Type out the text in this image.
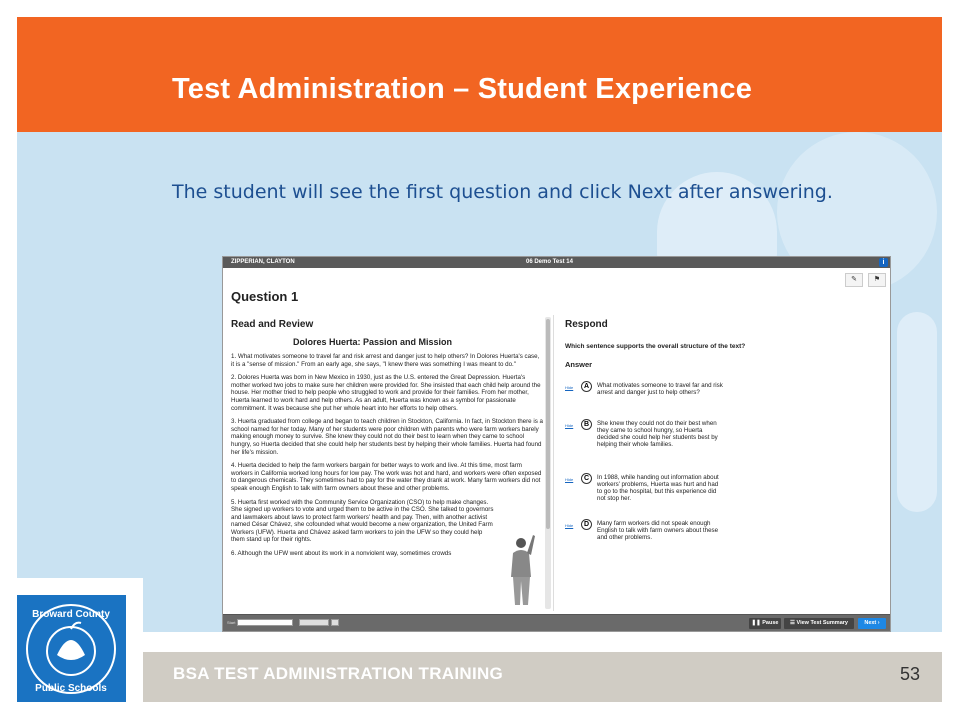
Test Administration – Student Experience
The student will see the first question and click Next after answering.
ZIPPERIAN, CLAYTON	06 Demo Test 14	i
✎	⚑
Question 1
Read and Review
Dolores Huerta: Passion and Mission

1. What motivates someone to travel far and risk arrest and danger just to help others? In Dolores Huerta's case, it is a "sense of mission." From an early age, she says, "I knew there was something I was meant to do."

2. Dolores Huerta was born in New Mexico in 1930, just as the U.S. entered the Great Depression. Huerta's mother worked two jobs to make sure her children were provided for. She insisted that each child help around the house. Her mother tried to help people who struggled to work and provide for their families. From her mother, Huerta learned to work hard and help others. As an adult, Huerta was known as a symbol for passionate commitment. It was because she put her whole heart into her efforts to help others.

3. Huerta graduated from college and began to teach children in Stockton, California. In fact, in Stockton there is a school named for her today. Many of her students were poor children with parents who were farm workers barely making enough money to survive. She knew they could not do their best to learn when they came to school hungry, so Huerta decided that she could help her students best by helping their whole families. Huerta had found her life's mission.

4. Huerta decided to help the farm workers bargain for better ways to work and live. At this time, most farm workers in California worked long hours for low pay. The work was hot and hard, and workers were often exposed to dangerous chemicals. They sometimes had to pay for the water they drank at work. Many farm workers did not speak enough English to talk with farm owners about these and other problems.

5. Huerta first worked with the Community Service Organization (CSO) to help make changes. She signed up workers to vote and urged them to be active in the CSO. She talked to governors and lawmakers about laws to protect farm workers' health and pay. Then, with another activist named César Chávez, she cofounded what would become a new organization, the United Farm Workers (UFW). Huerta and Chávez asked farm workers to join the UFW so they could help them stand up for their rights.

6. Although the UFW went about its work in a nonviolent way, sometimes crowds

Respond
Which sentence supports the overall structure of the text?
Answer
Hide	A	What motivates someone to travel far and risk arrest and danger just to help others?
Hide	B	She knew they could not do their best when they came to school hungry, so Huerta decided she could help her students best by helping their whole families.
Hide	C	In 1988, while handing out information about workers' problems, Huerta was hurt and had to go to the hospital, but this experience did not stop her.
Hide	D	Many farm workers did not speak enough English to talk with farm owners about these and other problems.
Start	❚❚ Pause	☰ View Test Summary	Next ›
Broward County
Public Schools
BSA TEST ADMINISTRATION TRAINING	53
